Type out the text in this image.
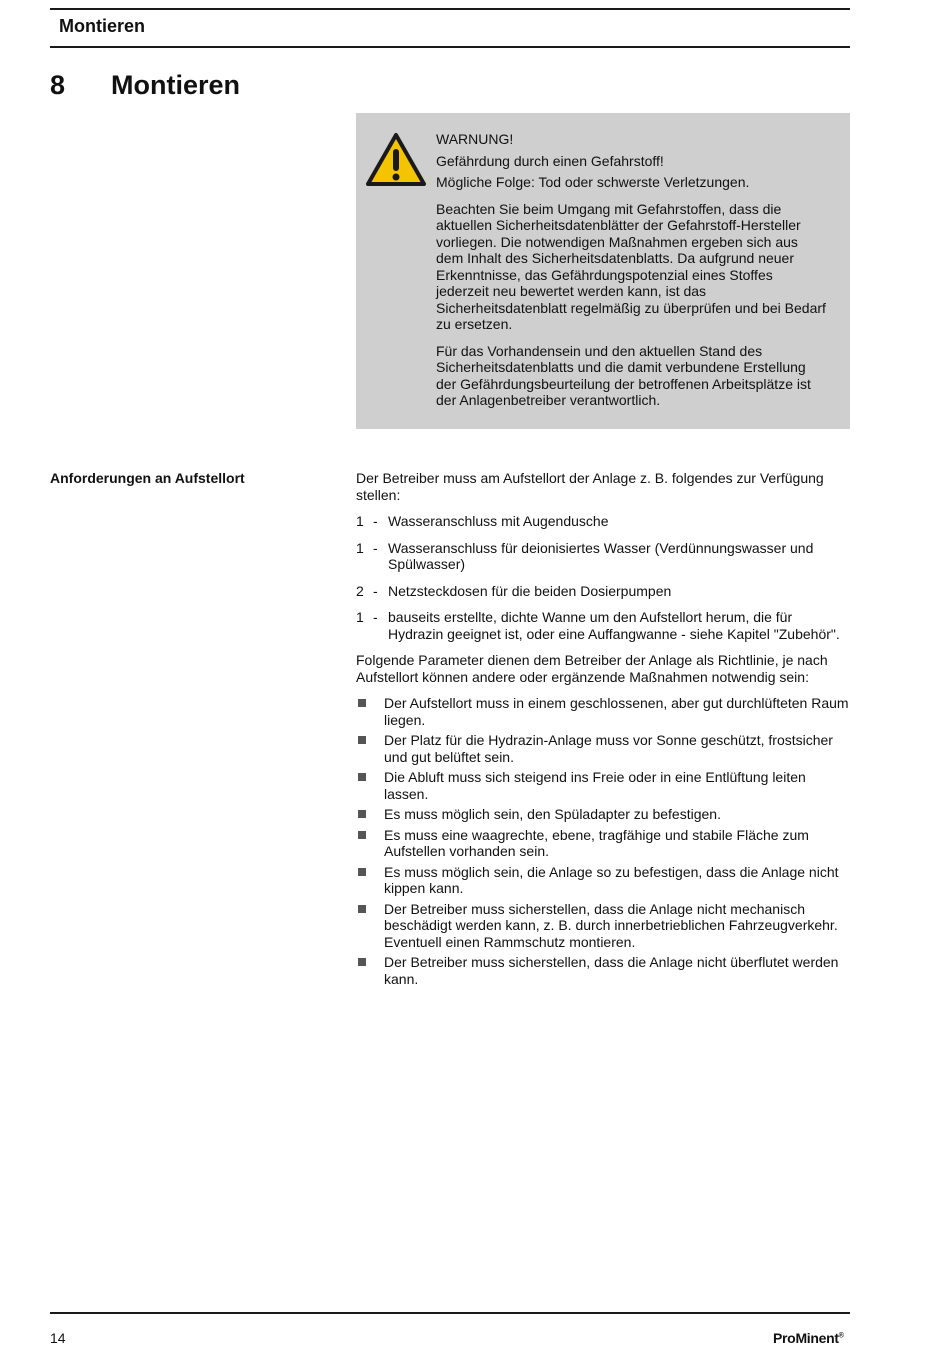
Montieren
8 Montieren

WARNUNG!

Gefährdung durch einen Gefahrstoff!

Mögliche Folge: Tod oder schwerste Verletzungen.

Beachten Sie beim Umgang mit Gefahrstoffen, dass die aktuellen Sicherheitsdatenblätter der Gefahrstoff-Hersteller vorliegen. Die notwendigen Maßnahmen ergeben sich aus dem Inhalt des Sicherheitsdatenblatts. Da aufgrund neuer Erkenntnisse, das Gefährdungspotenzial eines Stoffes jederzeit neu bewertet werden kann, ist das Sicherheitsdatenblatt regelmäßig zu überprüfen und bei Bedarf zu ersetzen.

Für das Vorhandensein und den aktuellen Stand des Sicherheitsdatenblatts und die damit verbundene Erstellung der Gefährdungsbeurteilung der betroffenen Arbeitsplätze ist der Anlagenbetreiber verantwortlich.

Anforderungen an Aufstellort	Der Betreiber muss am Aufstellort der Anlage z. B. folgendes zur Verfügung stellen:

1 - Wasseranschluss mit Augendusche
1 - Wasseranschluss für deionisiertes Wasser (Verdünnungswasser und Spülwasser)
2 - Netzsteckdosen für die beiden Dosierpumpen
1 - bauseits erstellte, dichte Wanne um den Aufstellort herum, die für Hydrazin geeignet ist, oder eine Auffangwanne - siehe Kapitel "Zubehör".

Folgende Parameter dienen dem Betreiber der Anlage als Richtlinie, je nach Aufstellort können andere oder ergänzende Maßnahmen notwendig sein:

Der Aufstellort muss in einem geschlossenen, aber gut durchlüfteten Raum liegen.
Der Platz für die Hydrazin-Anlage muss vor Sonne geschützt, frostsicher und gut belüftet sein.
Die Abluft muss sich steigend ins Freie oder in eine Entlüftung leiten lassen.
Es muss möglich sein, den Spüladapter zu befestigen.
Es muss eine waagrechte, ebene, tragfähige und stabile Fläche zum Aufstellen vorhanden sein.
Es muss möglich sein, die Anlage so zu befestigen, dass die Anlage nicht kippen kann.
Der Betreiber muss sicherstellen, dass die Anlage nicht mechanisch beschädigt werden kann, z. B. durch innerbetrieblichen Fahrzeugverkehr. Eventuell einen Rammschutz montieren.
Der Betreiber muss sicherstellen, dass die Anlage nicht überflutet werden kann.
14	ProMinent®
